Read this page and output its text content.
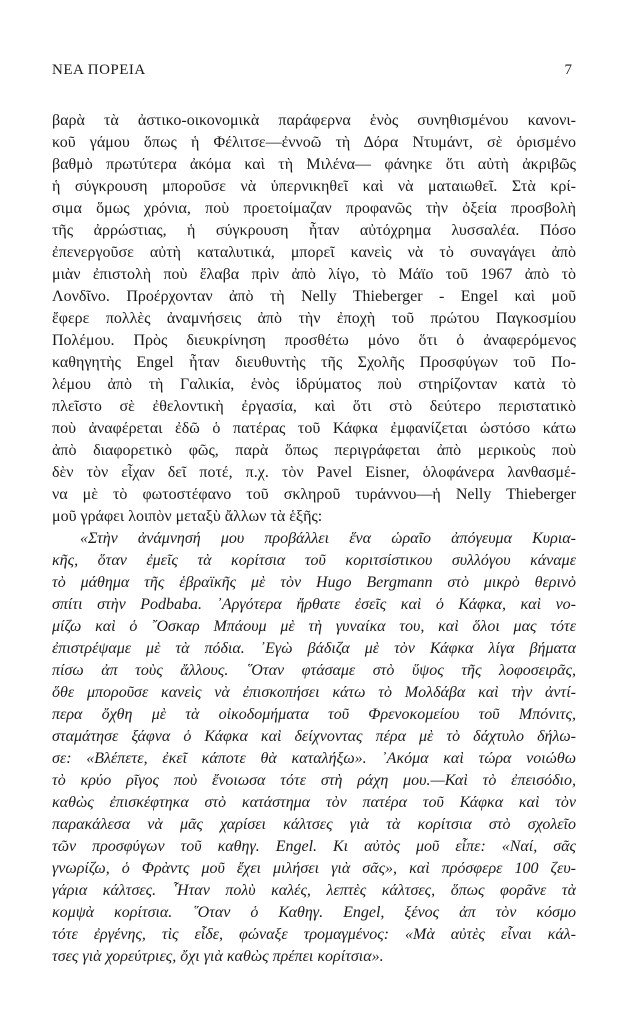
ΝΕΑ ΠΟΡΕΙΑ	7
βαρὰ τὰ ἀστικο-οικονομικὰ παράφερνα ἑνὸς συνηθισμένου κανονι-
κοῦ γάμου ὅπως ἡ Φέλιτσε—ἐννοῶ τὴ Δόρα Ντυμάντ, σὲ ὁρισμένο
βαθμὸ πρωτύτερα ἀκόμα καὶ τὴ Μιλένα— φάνηκε ὅτι αὐτὴ ἀκριβῶς
ἡ σύγκρουση μποροῦσε νὰ ὑπερνικηθεῖ καὶ νὰ ματαιωθεῖ. Στὰ κρί-
σιμα ὅμως χρόνια, ποὺ προετοίμαζαν προφανῶς τὴν ὀξεία προσβολὴ
τῆς ἀρρώστιας, ἡ σύγκρουση ἦταν αὐτόχρημα λυσσαλέα. Πόσο
ἐπενεργοῦσε αὐτὴ καταλυτικά, μπορεῖ κανεὶς νὰ τὸ συναγάγει ἀπὸ
μιὰν ἐπιστολὴ ποὺ ἔλαβα πρὶν ἀπὸ λίγο, τὸ Μάϊο τοῦ 1967 ἀπὸ τὸ
Λονδῖνο. Προέρχονταν ἀπὸ τὴ Nelly Thieberger - Engel καὶ μοῦ
ἔφερε πολλὲς ἀναμνήσεις ἀπὸ τὴν ἐποχὴ τοῦ πρώτου Παγκοσμίου
Πολέμου. Πρὸς διευκρίνηση προσθέτω μόνο ὅτι ὁ ἀναφερόμενος
καθηγητὴς Engel ἦταν διευθυντὴς τῆς Σχολῆς Προσφύγων τοῦ Πο-
λέμου ἀπὸ τὴ Γαλικία, ἑνὸς ἱδρύματος ποὺ στηρίζονταν κατὰ τὸ
πλεῖστο σὲ ἐθελοντικὴ ἐργασία, καὶ ὅτι στὸ δεύτερο περιστατικὸ
ποὺ ἀναφέρεται ἐδῶ ὁ πατέρας τοῦ Κάφκα ἐμφανίζεται ὡστόσο κάτω
ἀπὸ διαφορετικὸ φῶς, παρὰ ὅπως περιγράφεται ἀπὸ μερικοὺς ποὺ
δὲν τὸν εἶχαν δεῖ ποτέ, π.χ. τὸν Pavel Eisner, ὁλοφάνερα λανθασμέ-
να μὲ τὸ φωτοστέφανο τοῦ σκληροῦ τυράννου—ἡ Nelly Thieberger
μοῦ γράφει λοιπὸν μεταξὺ ἄλλων τὰ ἑξῆς:
«Στὴν ἀνάμνησή μου προβάλλει ἕνα ὡραῖο ἀπόγευμα Κυρια-
κῆς, ὅταν ἐμεῖς τὰ κορίτσια τοῦ κοριτσίστικου συλλόγου κάναμε
τὸ μάθημα τῆς ἑβραϊκῆς μὲ τὸν Hugo Bergmann στὸ μικρὸ θερινὸ
σπίτι στὴν Podbaba. ᾿Αργότερα ἤρθατε ἐσεῖς καὶ ὁ Κάφκα, καὶ νο-
μίζω καὶ ὁ ῎Οσκαρ Μπάουμ μὲ τὴ γυναίκα του, καὶ ὅλοι μας τότε
ἐπιστρέψαμε μὲ τὰ πόδια. ᾿Εγὼ βάδιζα μὲ τὸν Κάφκα λίγα βήματα
πίσω ἀπ τοὺς ἄλλους. ῞Οταν φτάσαμε στὸ ὕψος τῆς λοφοσειρᾶς,
ὅθε μποροῦσε κανεὶς νὰ ἐπισκοπήσει κάτω τὸ Μολδάβα καὶ τὴν ἀντί-
περα ὄχθη μὲ τὰ οἰκοδομήματα τοῦ Φρενοκομείου τοῦ Μπόνιτς,
σταμάτησε ξάφνα ὁ Κάφκα καὶ δείχνοντας πέρα μὲ τὸ δάχτυλο δήλω-
σε: «Βλέπετε, ἐκεῖ κάποτε θὰ καταλήξω». ᾿Ακόμα καὶ τώρα νοιώθω
τὸ κρύο ρῖγος ποὺ ἔνοιωσα τότε στὴ ράχη μου.—Καὶ τὸ ἐπεισόδιο,
καθὼς ἐπισκέφτηκα στὸ κατάστημα τὸν πατέρα τοῦ Κάφκα καὶ τὸν
παρακάλεσα νὰ μᾶς χαρίσει κάλτσες γιὰ τὰ κορίτσια στὸ σχολεῖο
τῶν προσφύγων τοῦ καθηγ. Engel. Κι αὐτὸς μοῦ εἶπε: «Ναί, σᾶς
γνωρίζω, ὁ Φρὰντς μοῦ ἔχει μιλήσει γιὰ σᾶς», καὶ πρόσφερε 100 ζευ-
γάρια κάλτσες. ῟Ηταν πολὺ καλές, λεπτὲς κάλτσες, ὅπως φορᾶνε τὰ
κομψὰ κορίτσια. ῞Οταν ὁ Καθηγ. Engel, ξένος ἀπ τὸν κόσμο
τότε ἐργένης, τὶς εἶδε, φώναξε τρομαγμένος: «Μὰ αὐτὲς εἶναι κάλ-
τσες γιὰ χορεύτριες, ὄχι γιὰ καθὼς πρέπει κορίτσια».
